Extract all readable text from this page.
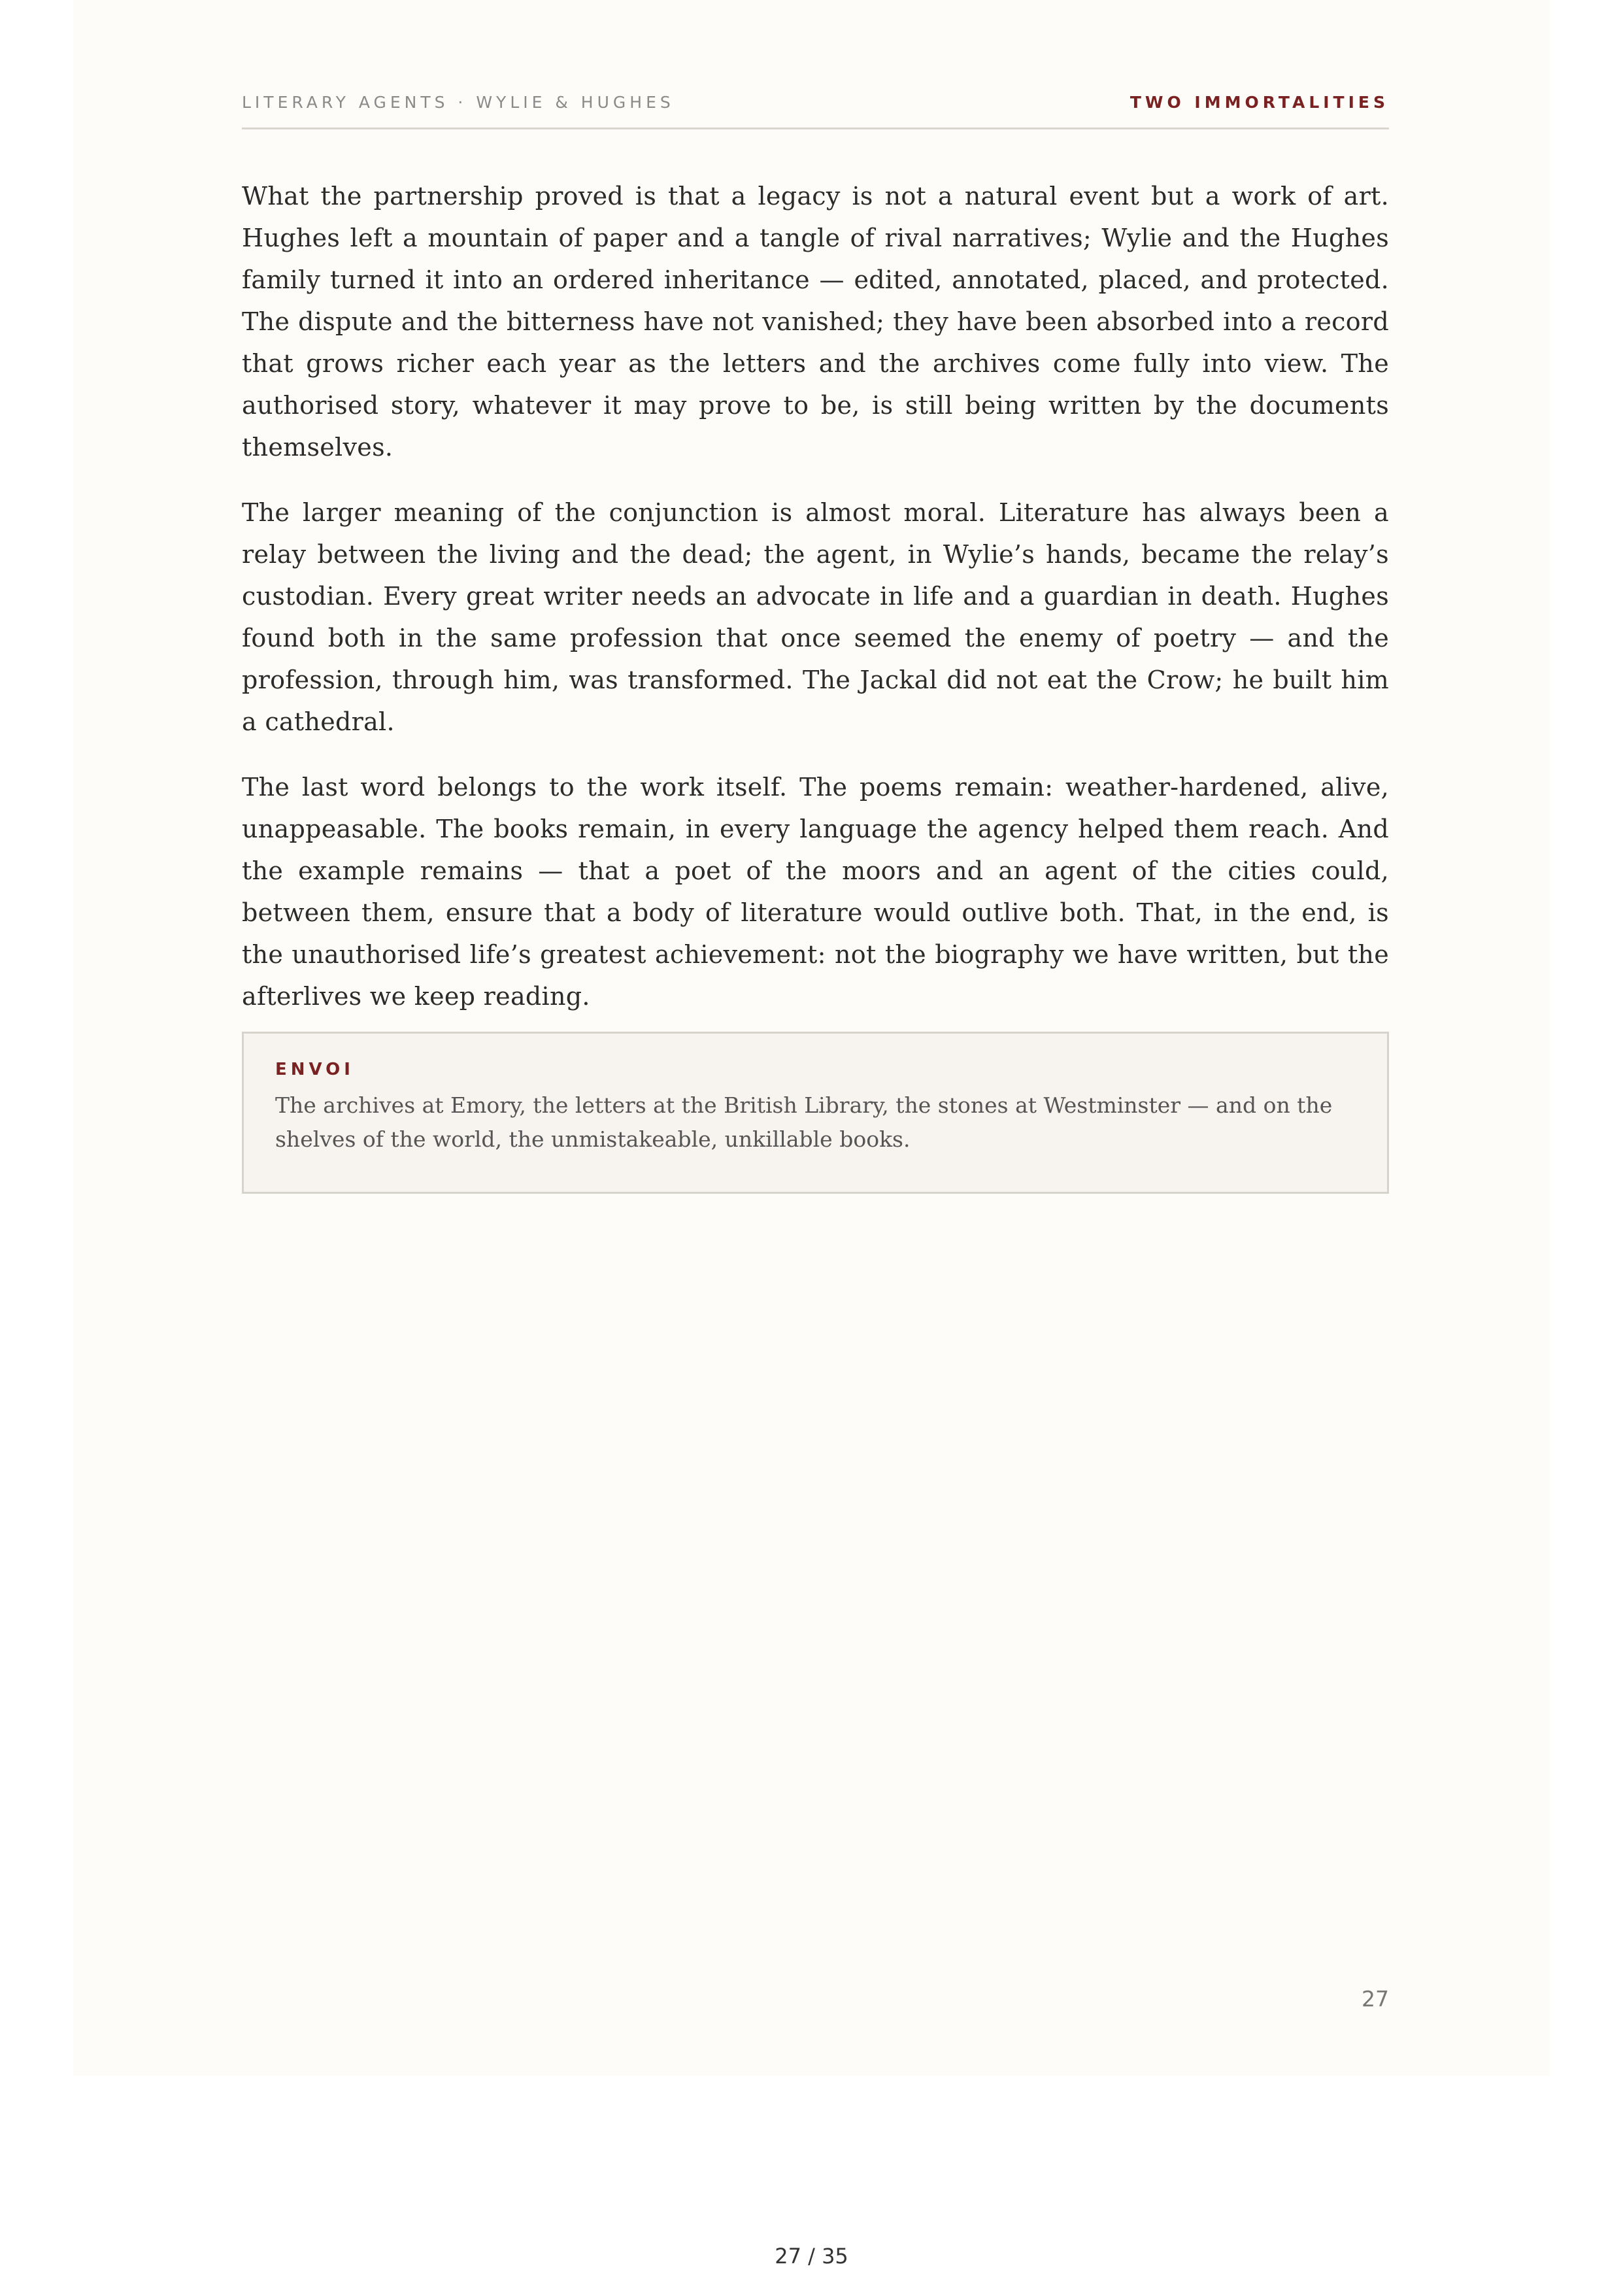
LITERARY AGENTS · WYLIE & HUGHES	TWO IMMORTALITIES

What the partnership proved is that a legacy is not a natural event but a work of art. Hughes left a mountain of paper and a tangle of rival narratives; Wylie and the Hughes family turned it into an ordered inheritance — edited, annotated, placed, and protected. The dispute and the bitterness have not vanished; they have been absorbed into a record that grows richer each year as the letters and the archives come fully into view. The authorised story, whatever it may prove to be, is still being written by the documents themselves.

The larger meaning of the conjunction is almost moral. Literature has always been a relay between the living and the dead; the agent, in Wylie’s hands, became the relay’s custodian. Every great writer needs an advocate in life and a guardian in death. Hughes found both in the same profession that once seemed the enemy of poetry — and the profession, through him, was transformed. The Jackal did not eat the Crow; he built him a cathedral.

The last word belongs to the work itself. The poems remain: weather-hardened, alive, unappeasable. The books remain, in every language the agency helped them reach. And the example remains — that a poet of the moors and an agent of the cities could, between them, ensure that a body of literature would outlive both. That, in the end, is the unauthorised life’s greatest achievement: not the biography we have written, but the afterlives we keep reading.

ENVOI
The archives at Emory, the letters at the British Library, the stones at Westminster — and on the shelves of the world, the unmistakeable, unkillable books.
27
27 / 35
